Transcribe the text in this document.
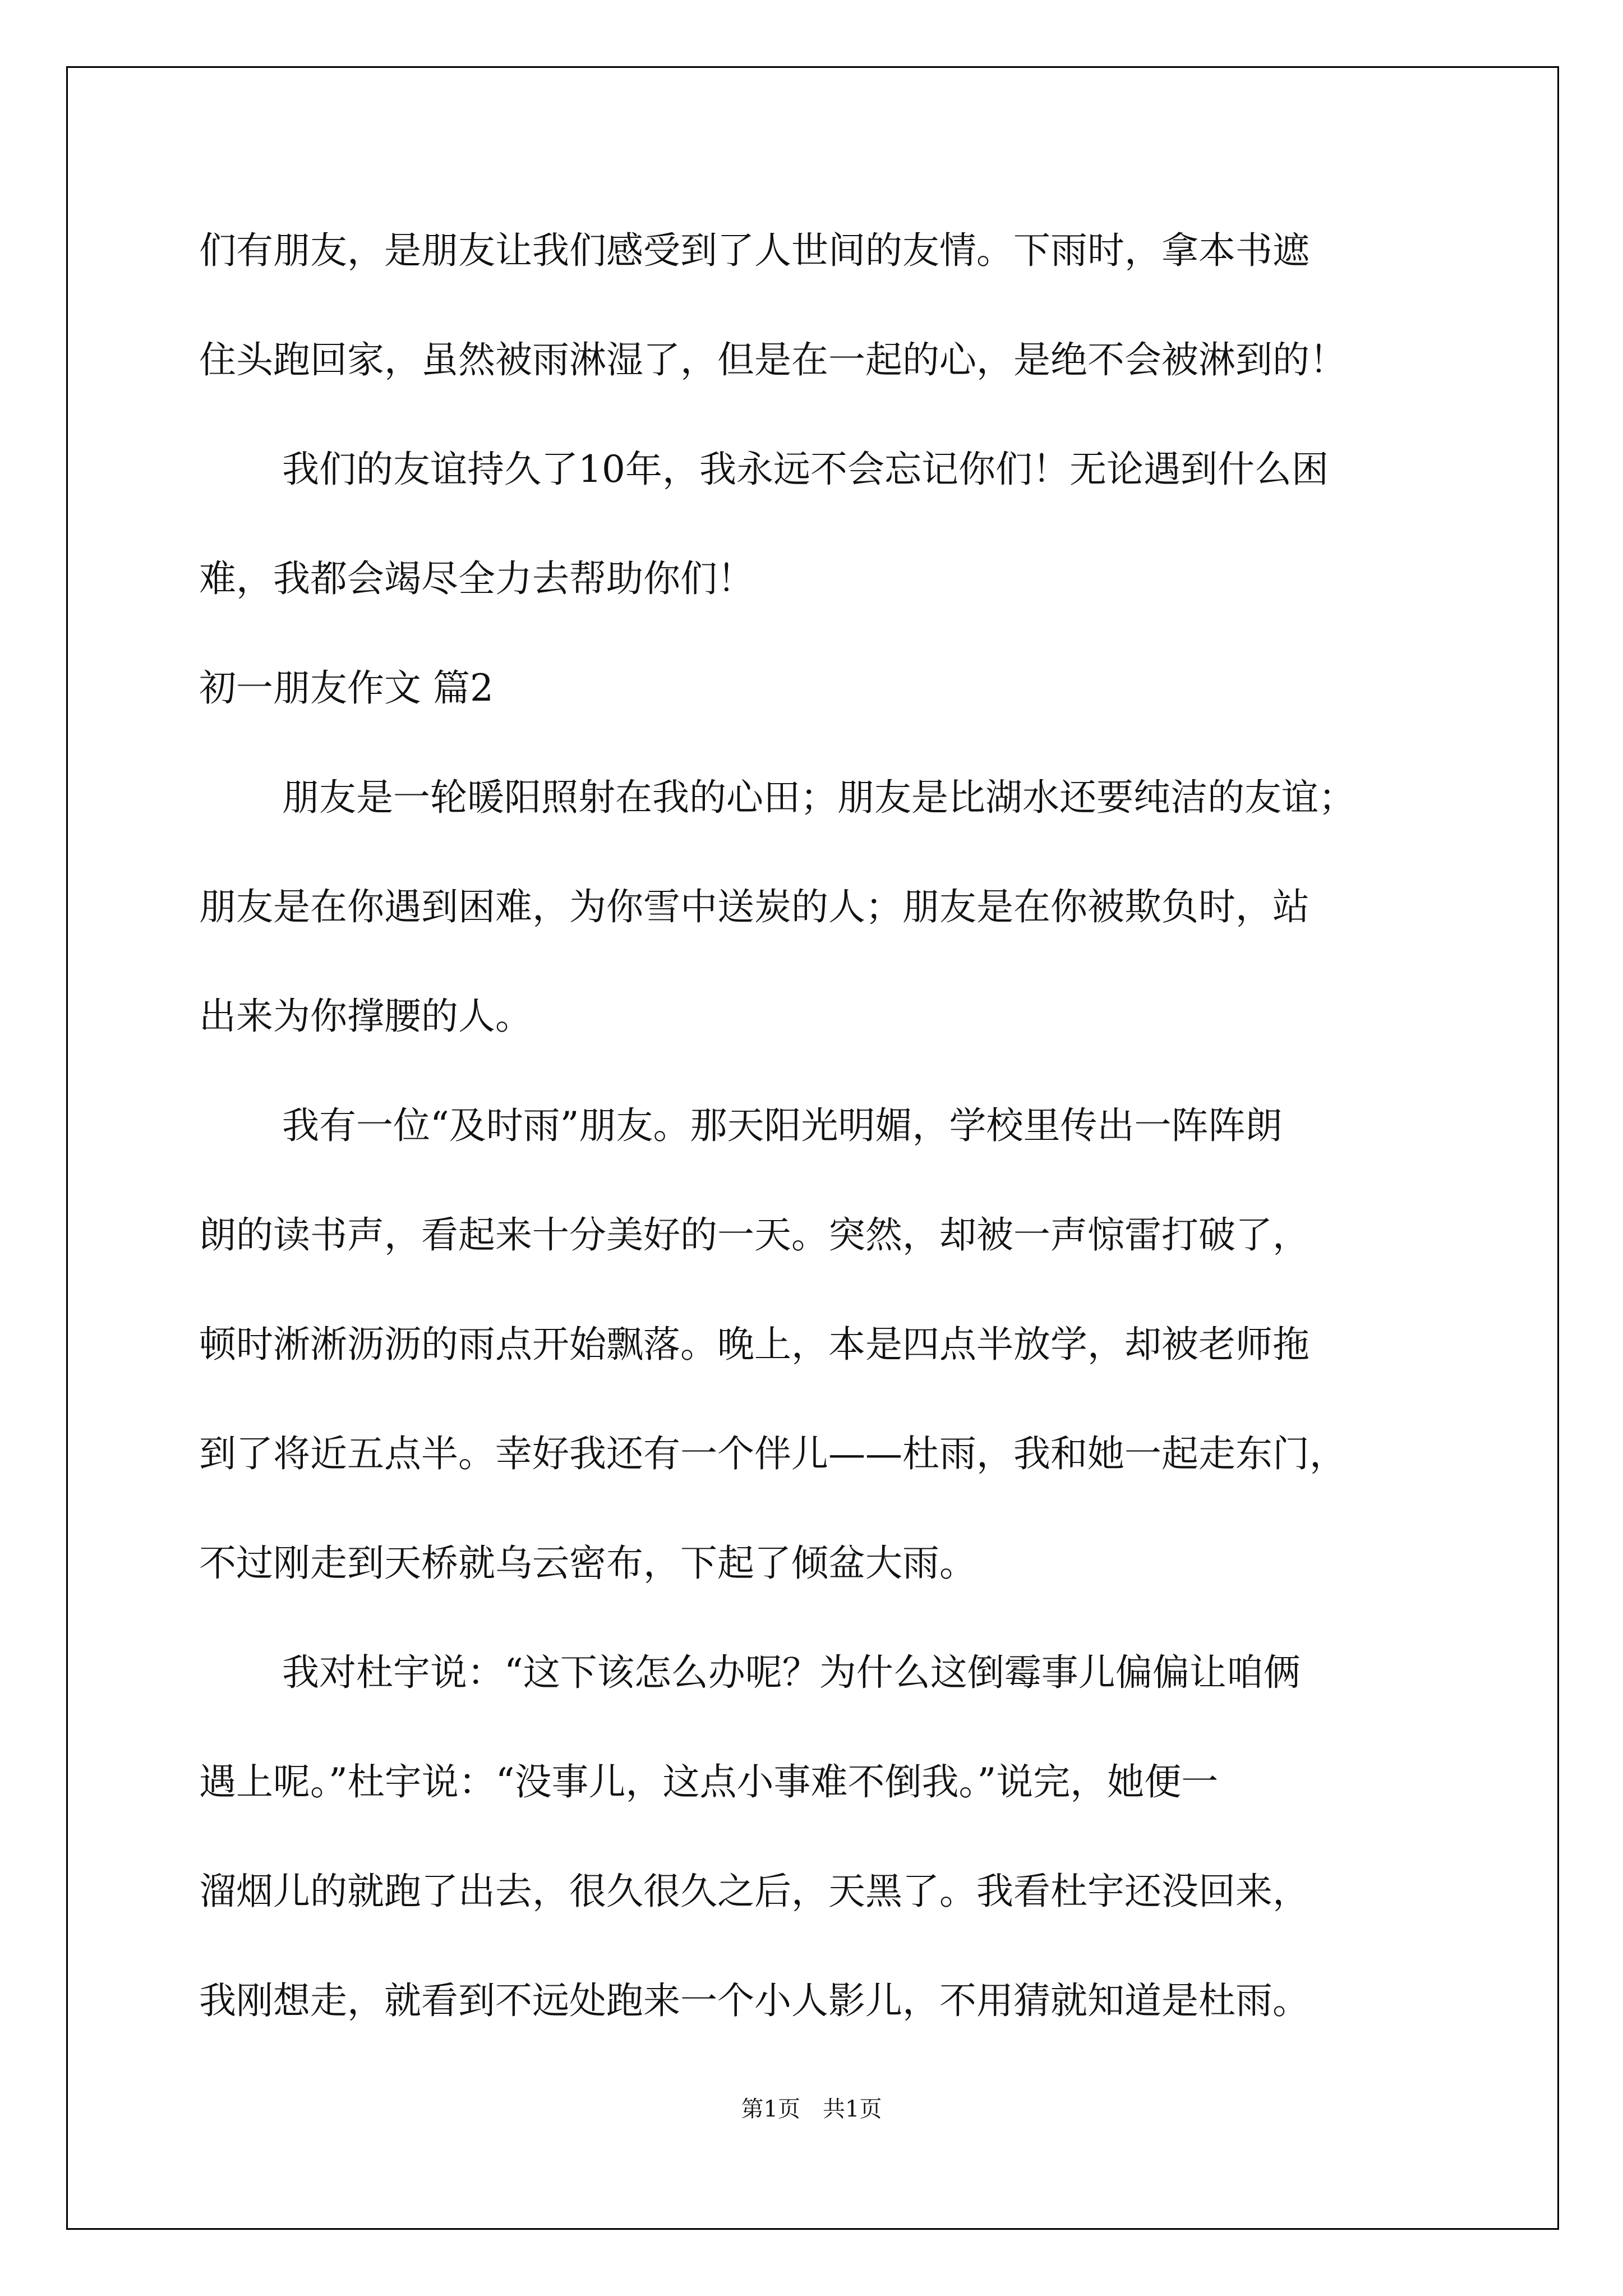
们有朋友，是朋友让我们感受到了人世间的友情。下雨时，拿本书遮
住头跑回家，虽然被雨淋湿了，但是在一起的心，是绝不会被淋到的！
我们的友谊持久了10年，我永远不会忘记你们！无论遇到什么困
难，我都会竭尽全力去帮助你们！
初一朋友作文 篇2
朋友是一轮暖阳照射在我的心田；朋友是比湖水还要纯洁的友谊；
朋友是在你遇到困难，为你雪中送炭的人；朋友是在你被欺负时，站
出来为你撑腰的人。
我有一位“及时雨”朋友。那天阳光明媚，学校里传出一阵阵朗
朗的读书声，看起来十分美好的一天。突然，却被一声惊雷打破了，
顿时淅淅沥沥的雨点开始飘落。晚上，本是四点半放学，却被老师拖
到了将近五点半。幸好我还有一个伴儿——杜雨，我和她一起走东门，
不过刚走到天桥就乌云密布，下起了倾盆大雨。
我对杜宇说：“这下该怎么办呢？为什么这倒霉事儿偏偏让咱俩
遇上呢。”杜宇说：“没事儿，这点小事难不倒我。”说完，她便一
溜烟儿的就跑了出去，很久很久之后，天黑了。我看杜宇还没回来，
我刚想走，就看到不远处跑来一个小人影儿，不用猜就知道是杜雨。
第1页　共1页
